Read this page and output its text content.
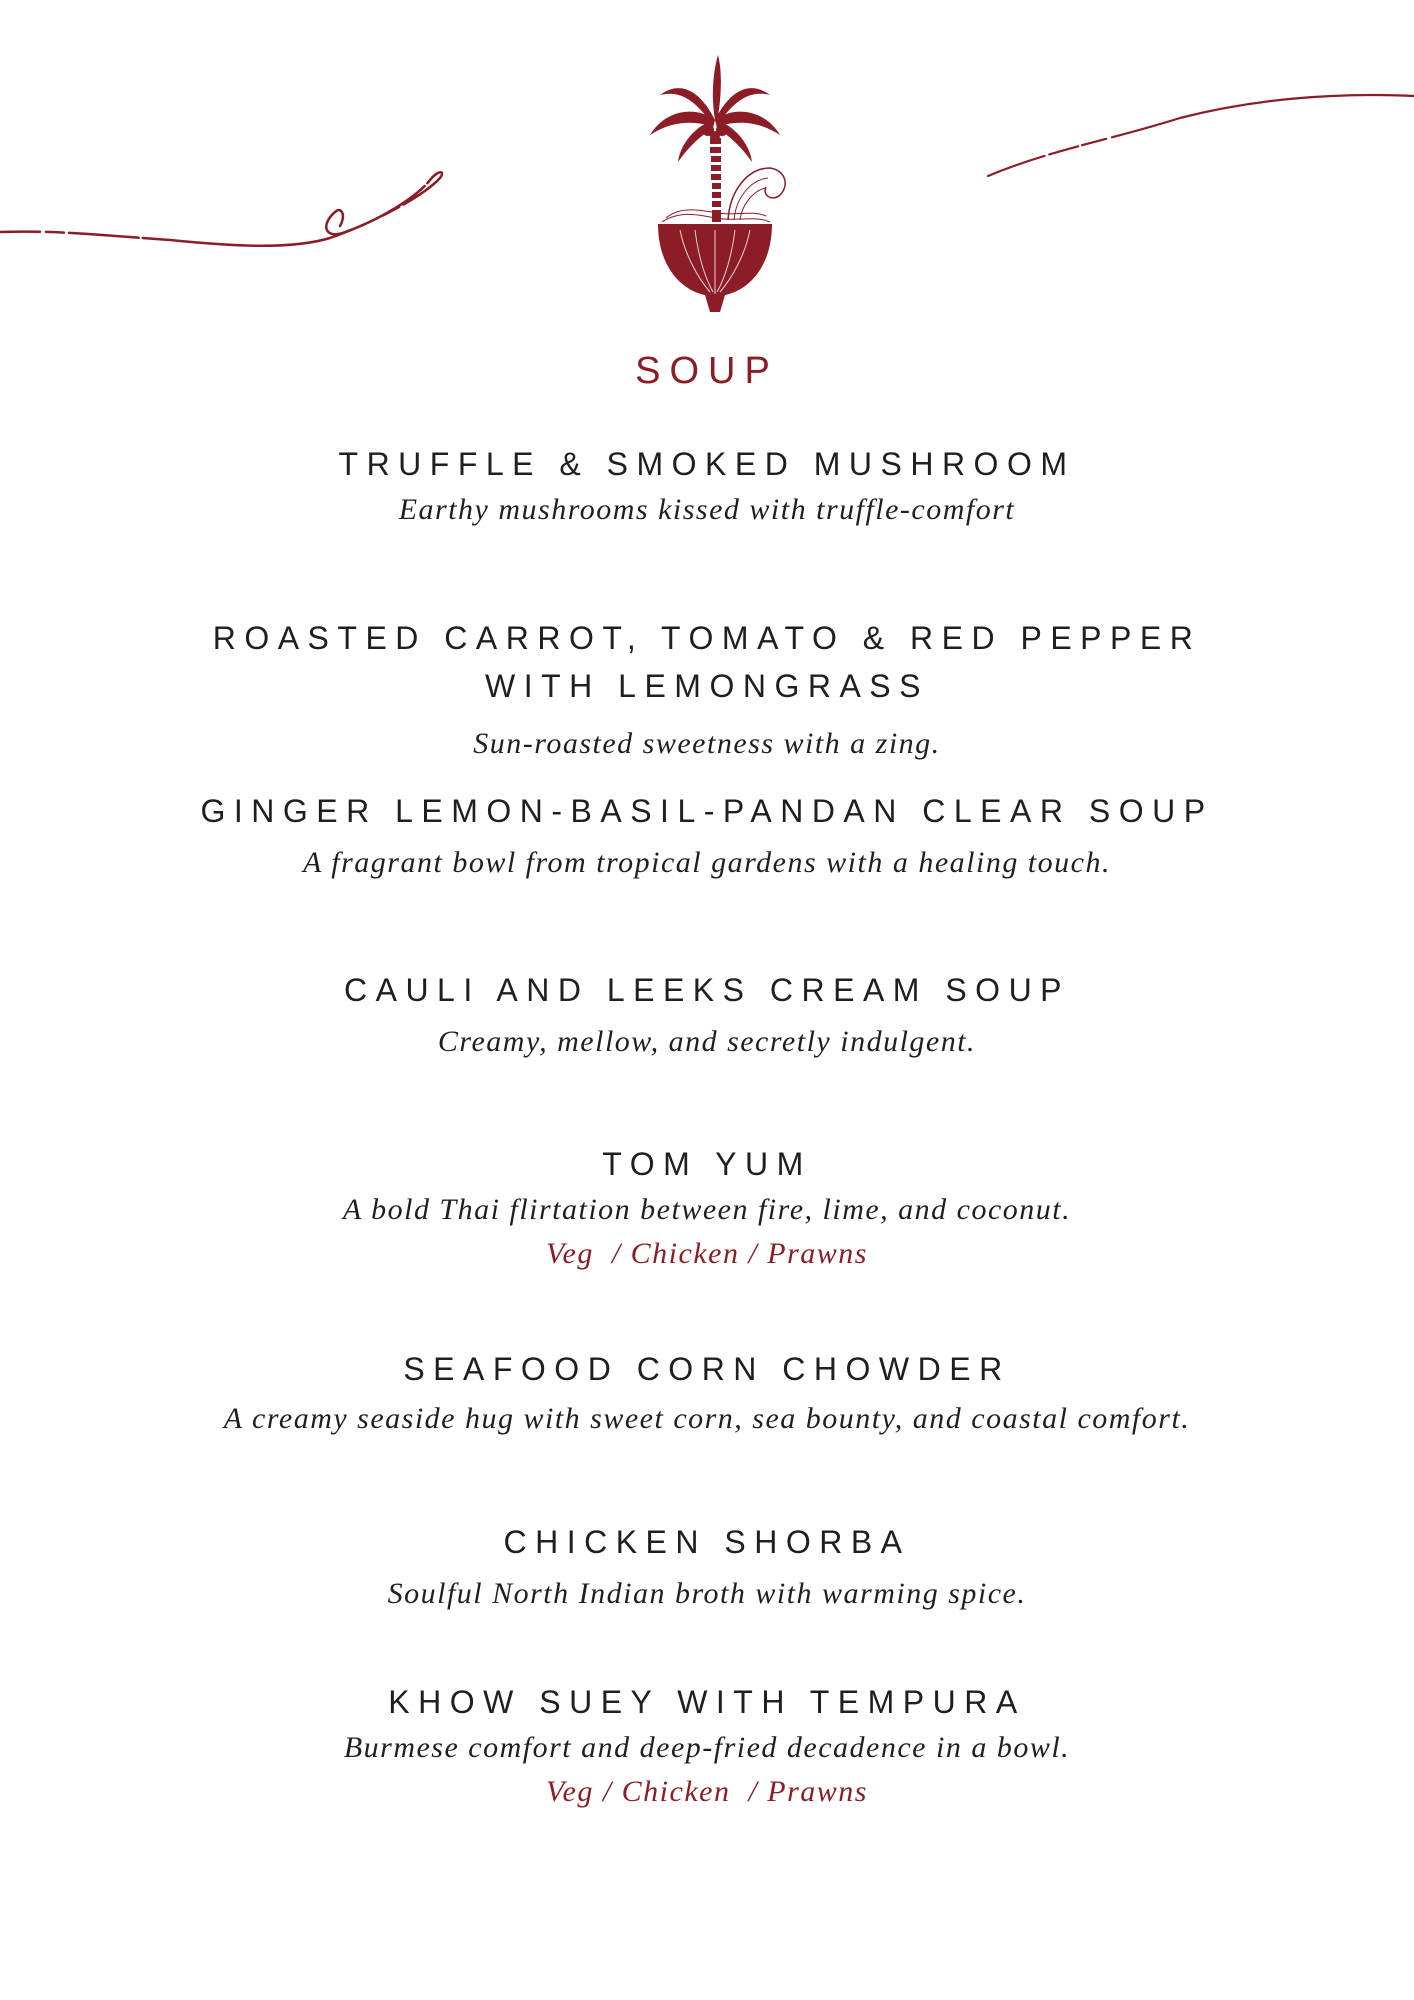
SOUP
TRUFFLE & SMOKED MUSHROOM
Earthy mushrooms kissed with truffle-comfort
ROASTED CARROT, TOMATO & RED PEPPER
WITH LEMONGRASS
Sun-roasted sweetness with a zing.
GINGER LEMON-BASIL-PANDAN CLEAR SOUP
A fragrant bowl from tropical gardens with a healing touch.
CAULI AND LEEKS CREAM SOUP
Creamy, mellow, and secretly indulgent.
TOM YUM
A bold Thai flirtation between fire, lime, and coconut.
Veg  / Chicken / Prawns
SEAFOOD CORN CHOWDER
A creamy seaside hug with sweet corn, sea bounty, and coastal comfort.
CHICKEN SHORBA
Soulful North Indian broth with warming spice.
KHOW SUEY WITH TEMPURA
Burmese comfort and deep-fried decadence in a bowl.
Veg / Chicken  / Prawns
